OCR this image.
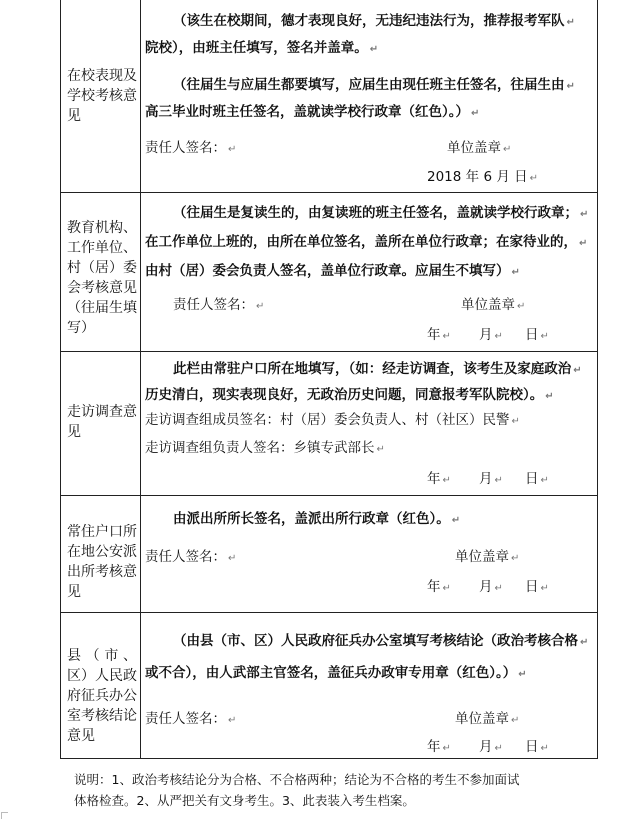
在校表现及学校考核意见
（该生在校期间，德才表现良好，无违纪违法行为，推荐报考军队 ↵
院校），由班主任填写，签名并盖章。 ↵
（往届生与应届生都要填写，应届生由现任班主任签名，往届生由 ↵
高三毕业时班主任签名，盖就读学校行政章（红色）。） ↵
责任人签名： ↵	单位盖章 ↵
2018 年 6 月 日 ↵
教育机构、工作单位、村（居）委会考核意见（往届生填写）
（往届生是复读生的，由复读班的班主任签名，盖就读学校行政章； ↵
在工作单位上班的，由所在单位签名，盖所在单位行政章；在家待业的， ↵
由村（居）委会负责人签名，盖单位行政章。应届生不填写） ↵
责任人签名： ↵	单位盖章 ↵
年 ↵ 月 ↵ 日 ↵
走访调查意见
此栏由常驻户口所在地填写，（如：经走访调查，该考生及家庭政治 ↵
历史清白，现实表现良好，无政治历史问题，同意报考军队院校）。 ↵
走访调查组成员签名：村（居）委会负责人、村（社区）民警 ↵
走访调查组负责人签名：乡镇专武部长 ↵
年 ↵ 月 ↵ 日 ↵
常住户口所在地公安派出所考核意见
由派出所所长签名，盖派出所行政章（红色）。 ↵
责任人签名： ↵	单位盖章 ↵
年 ↵ 月 ↵ 日 ↵
县（市、区）人民政府征兵办公室考核结论意见
（由县（市、区）人民政府征兵办公室填写考核结论（政治考核合格 ↵
或不合），由人武部主官签名，盖征兵办政审专用章（红色）。） ↵
责任人签名： ↵	单位盖章 ↵
年 ↵ 月 ↵ 日 ↵
说明：1、政治考核结论分为合格、不合格两种；结论为不合格的考生不参加面试
体格检查。2、从严把关有文身考生。3、此表装入考生档案。
